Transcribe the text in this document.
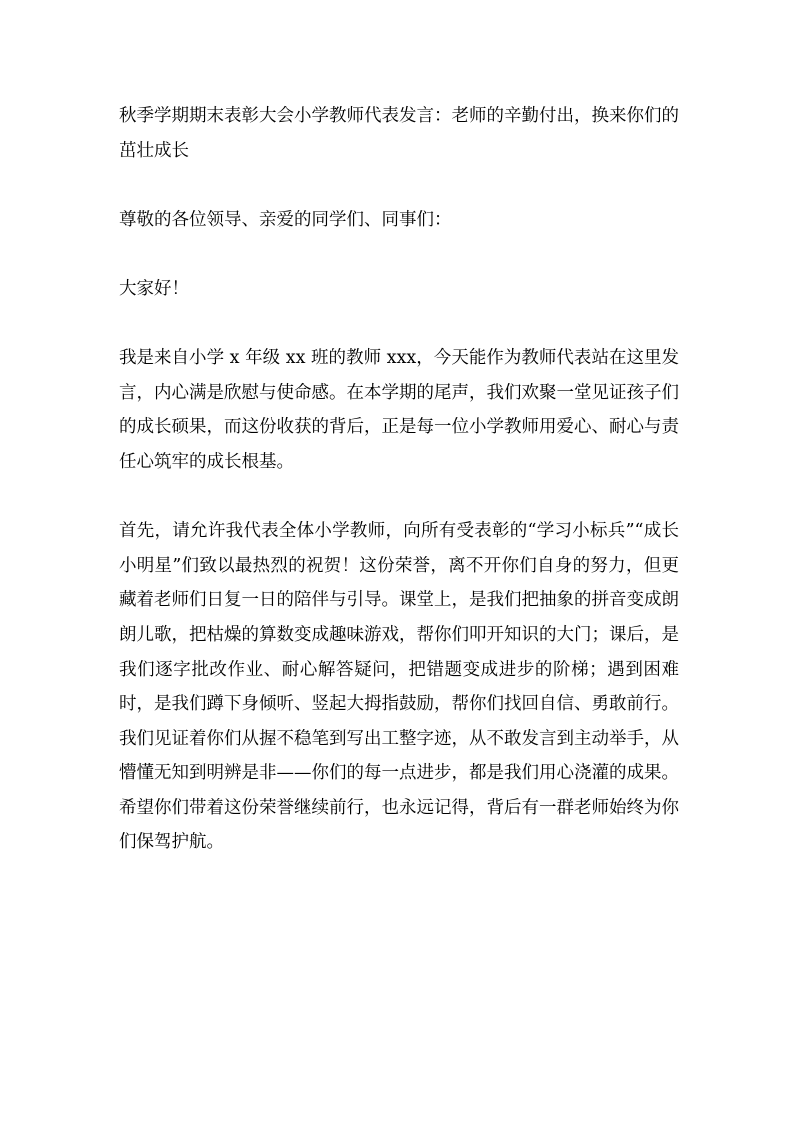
秋季学期期末表彰大会小学教师代表发言：老师的辛勤付出，换来你们的茁壮成长

尊敬的各位领导、亲爱的同学们、同事们：

大家好！

我是来自小学 x 年级 xx 班的教师 xxx，今天能作为教师代表站在这里发言，内心满是欣慰与使命感。在本学期的尾声，我们欢聚一堂见证孩子们的成长硕果，而这份收获的背后，正是每一位小学教师用爱心、耐心与责任心筑牢的成长根基。

首先，请允许我代表全体小学教师，向所有受表彰的“学习小标兵”“成长小明星”们致以最热烈的祝贺！这份荣誉，离不开你们自身的努力，但更藏着老师们日复一日的陪伴与引导。课堂上，是我们把抽象的拼音变成朗朗儿歌，把枯燥的算数变成趣味游戏，帮你们叩开知识的大门；课后，是我们逐字批改作业、耐心解答疑问，把错题变成进步的阶梯；遇到困难时，是我们蹲下身倾听、竖起大拇指鼓励，帮你们找回自信、勇敢前行。我们见证着你们从握不稳笔到写出工整字迹，从不敢发言到主动举手，从懵懂无知到明辨是非——你们的每一点进步，都是我们用心浇灌的成果。希望你们带着这份荣誉继续前行，也永远记得，背后有一群老师始终为你们保驾护航。
